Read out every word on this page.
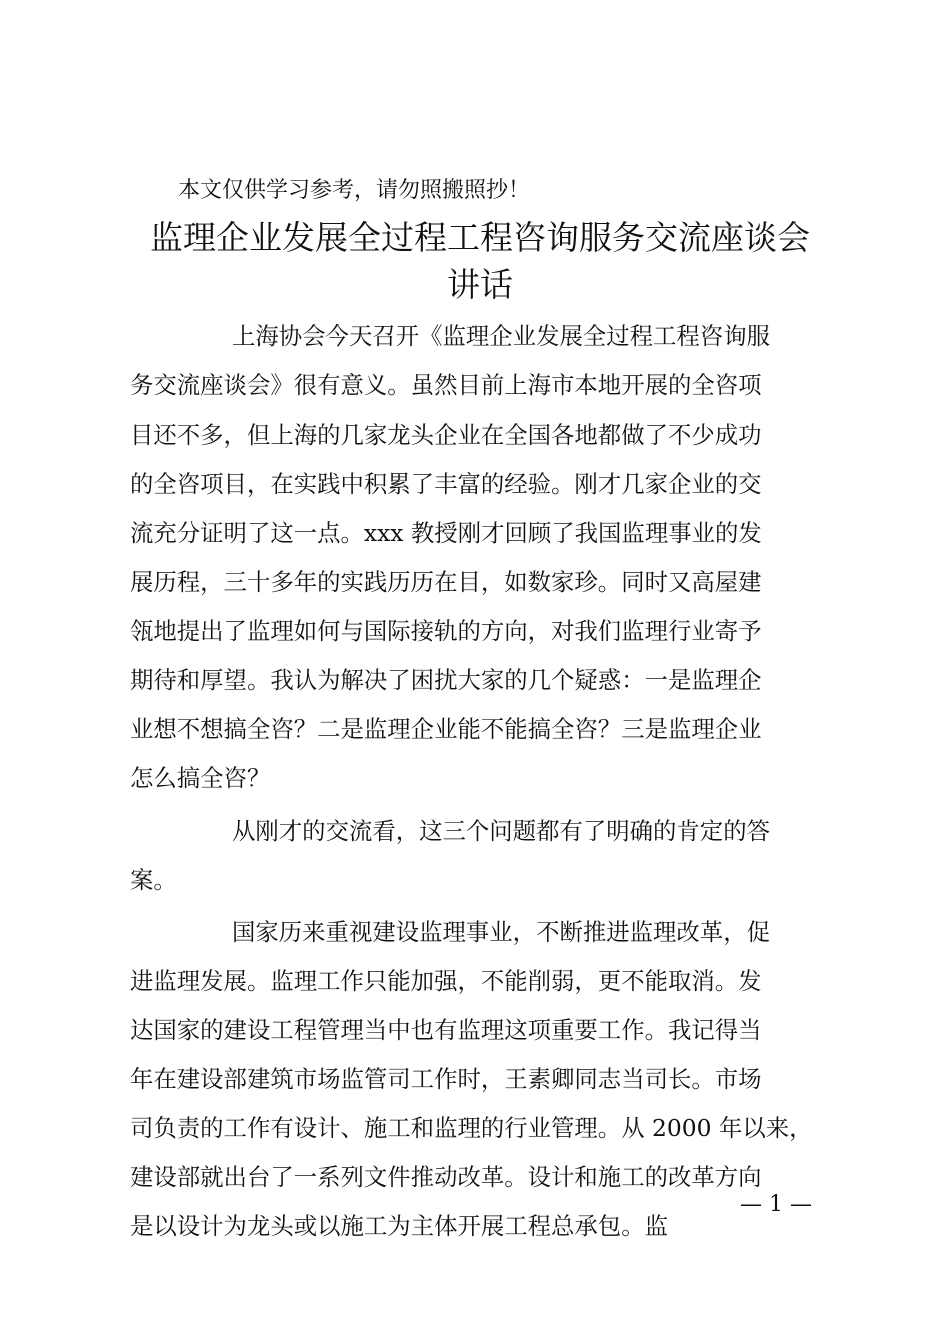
本文仅供学习参考，请勿照搬照抄！
监理企业发展全过程工程咨询服务交流座谈会
讲话
上海协会今天召开《监理企业发展全过程工程咨询服
务交流座谈会》很有意义。虽然目前上海市本地开展的全咨项
目还不多，但上海的几家龙头企业在全国各地都做了不少成功
的全咨项目，在实践中积累了丰富的经验。刚才几家企业的交
流充分证明了这一点。xxx 教授刚才回顾了我国监理事业的发
展历程，三十多年的实践历历在目，如数家珍。同时又高屋建
瓴地提出了监理如何与国际接轨的方向，对我们监理行业寄予
期待和厚望。我认为解决了困扰大家的几个疑惑：一是监理企
业想不想搞全咨？二是监理企业能不能搞全咨？三是监理企业
怎么搞全咨？
从刚才的交流看，这三个问题都有了明确的肯定的答
案。
国家历来重视建设监理事业，不断推进监理改革，促
进监理发展。监理工作只能加强，不能削弱，更不能取消。发
达国家的建设工程管理当中也有监理这项重要工作。我记得当
年在建设部建筑市场监管司工作时，王素卿同志当司长。市场
司负责的工作有设计、施工和监理的行业管理。从 2000 年以来，
建设部就出台了一系列文件推动改革。设计和施工的改革方向
是以设计为龙头或以施工为主体开展工程总承包。监
— 1 —
